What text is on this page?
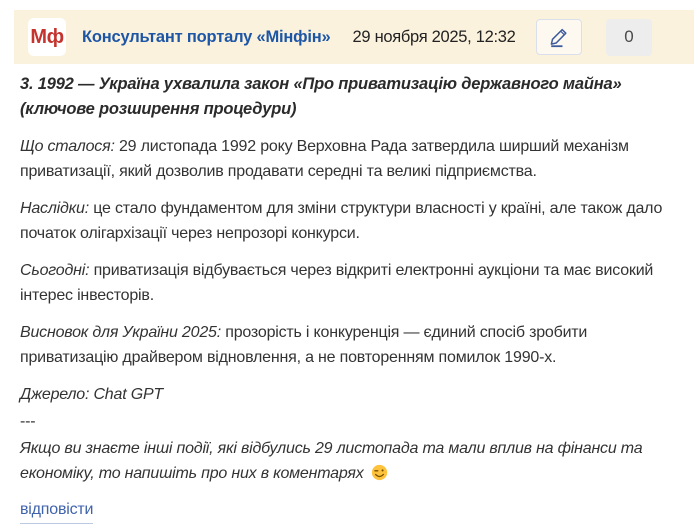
Мф Консультант порталу «Мінфін» 29 ноября 2025, 12:32	0
3. 1992 — Україна ухвалила закон «Про приватизацію державного майна» (ключове розширення процедури)

Що сталося: 29 листопада 1992 року Верховна Рада затвердила ширший механізм приватизації, який дозволив продавати середні та великі підприємства.

Наслідки: це стало фундаментом для зміни структури власності у країні, але також дало початок олігархізації через непрозорі конкурси.

Сьогодні: приватизація відбувається через відкриті електронні аукціони та має високий інтерес інвесторів.

Висновок для України 2025: прозорість і конкуренція — єдиний спосіб зробити приватизацію драйвером відновлення, а не повторенням помилок 1990-х.

Джерело: Chat GPT

---

Якщо ви знаєте інші події, які відбулись 29 листопада та мали вплив на фінанси та економіку, то напишіть про них в коментарях

відповісти
